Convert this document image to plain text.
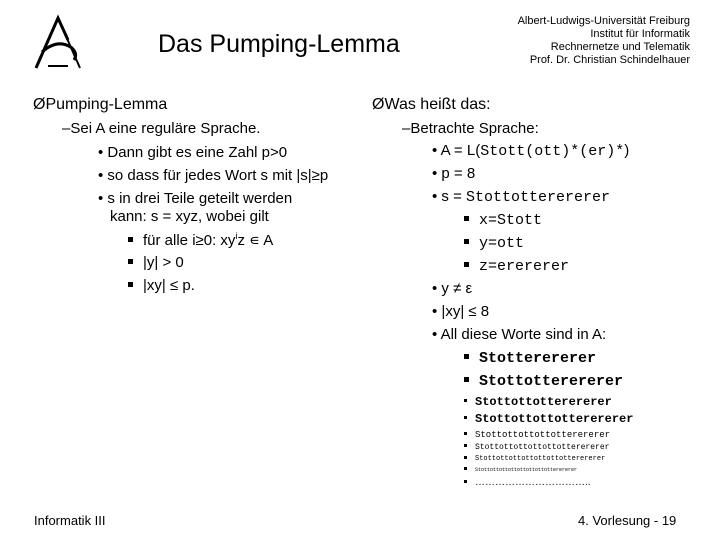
Das Pumping-Lemma
Albert-Ludwigs-Universität Freiburg
Institut für Informatik
Rechnernetze und Telematik
Prof. Dr. Christian Schindelhauer
ØPumping-Lemma
–Sei A eine reguläre Sprache.
• Dann gibt es eine Zahl p>0
• so dass für jedes Wort s mit |s|≥p
• s in drei Teile geteilt werden
kann: s = xyz, wobei gilt
für alle i≥0: $xy^iz$ ∊ A
|y| > 0
|xy| ≤ p.
ØWas heißt das:
–Betrachte Sprache:
• A = L(Stott(ott)*(er)*)
• p = 8
• s = Stottotterererer
x=Stott
y=ott
z=erererer
• y ≠ ε
• |xy| ≤ 8
• All diese Worte sind in A:
Stotterererer
Stottotterererer
Stottottotterererer
Stottottottotterererer
Stottottottottotterererer
Stottottottottottotterererer
Stottottottottottottotterererer
Stottottottottottottottotterererer
……………………………..
Informatik III	4. Vorlesung - 19
